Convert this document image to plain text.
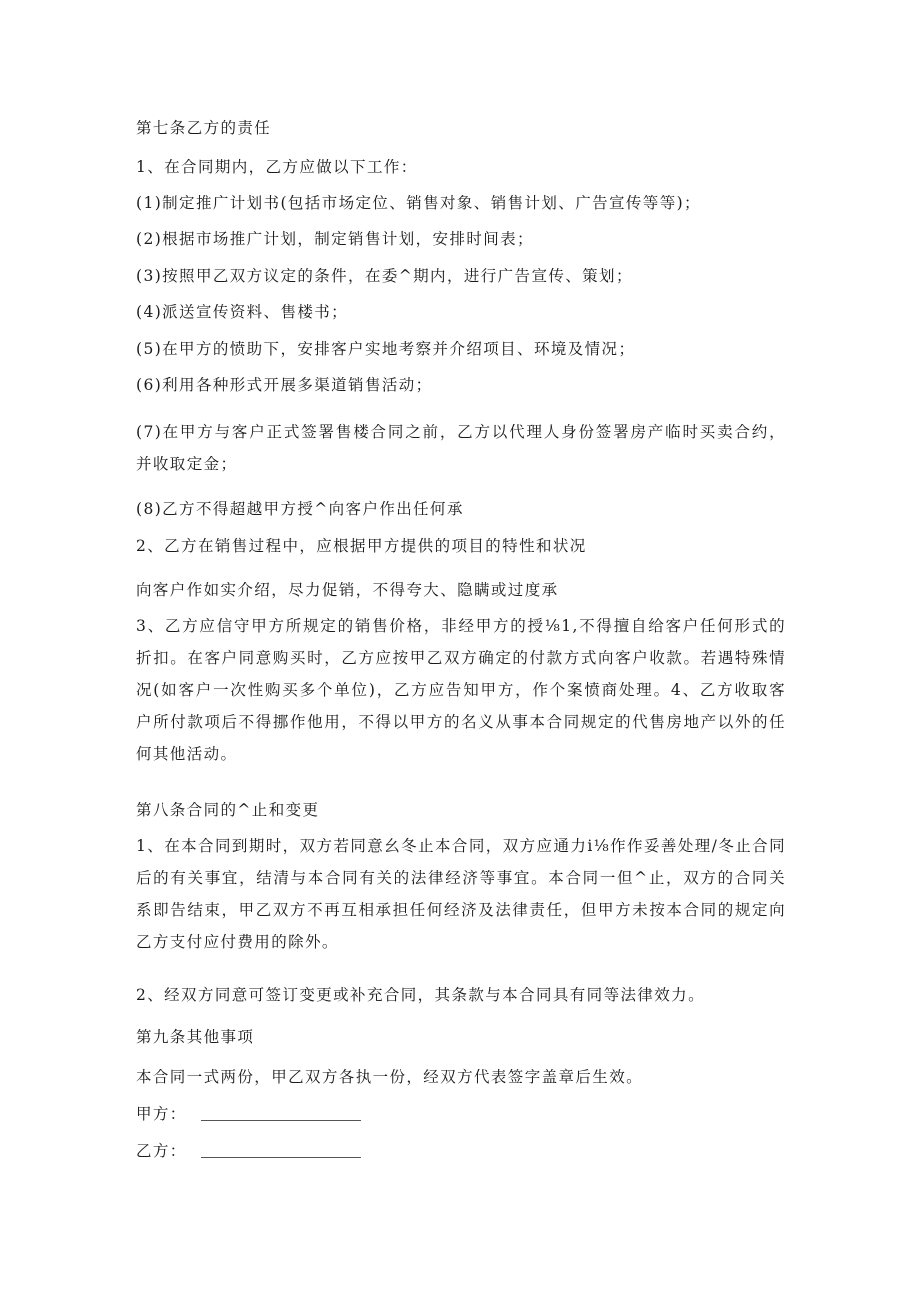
第七条乙方的责任
1、在合同期内，乙方应做以下工作：
(1)制定推广计划书(包括市场定位、销售对象、销售计划、广告宣传等等)；
(2)根据市场推广计划，制定销售计划，安排时间表；
(3)按照甲乙双方议定的条件，在委^期内，进行广告宣传、策划；
(4)派送宣传资料、售楼书；
(5)在甲方的愤助下，安排客户实地考察并介绍项目、环境及情况；
(6)利用各种形式开展多渠道销售活动；
(7)在甲方与客户正式签署售楼合同之前，乙方以代理人身份签署房产临时买卖合约，并收取定金；
(8)乙方不得超越甲方授^向客户作出任何承
2、乙方在销售过程中，应根据甲方提供的项目的特性和状况
向客户作如实介绍，尽力促销，不得夸大、隐瞒或过度承
3、乙方应信守甲方所规定的销售价格，非经甲方的授⅛1,不得擅自给客户任何形式的折扣。在客户同意购买时，乙方应按甲乙双方确定的付款方式向客户收款。若遇特殊情况(如客户一次性购买多个单位)，乙方应告知甲方，作个案愤商处理。4、乙方收取客户所付款项后不得挪作他用，不得以甲方的名义从事本合同规定的代售房地产以外的任何其他活动。
第八条合同的^止和变更
1、在本合同到期时，双方若同意幺冬止本合同，双方应通力i⅛作作妥善处理/冬止合同后的有关事宜，结清与本合同有关的法律经济等事宜。本合同一但^止，双方的合同关系即告结束，甲乙双方不再互相承担任何经济及法律责任，但甲方未按本合同的规定向乙方支付应付费用的除外。
2、经双方同意可签订变更或补充合同，其条款与本合同具有同等法律效力。
第九条其他事项
本合同一式两份，甲乙双方各执一份，经双方代表签字盖章后生效。
甲方：
乙方：
